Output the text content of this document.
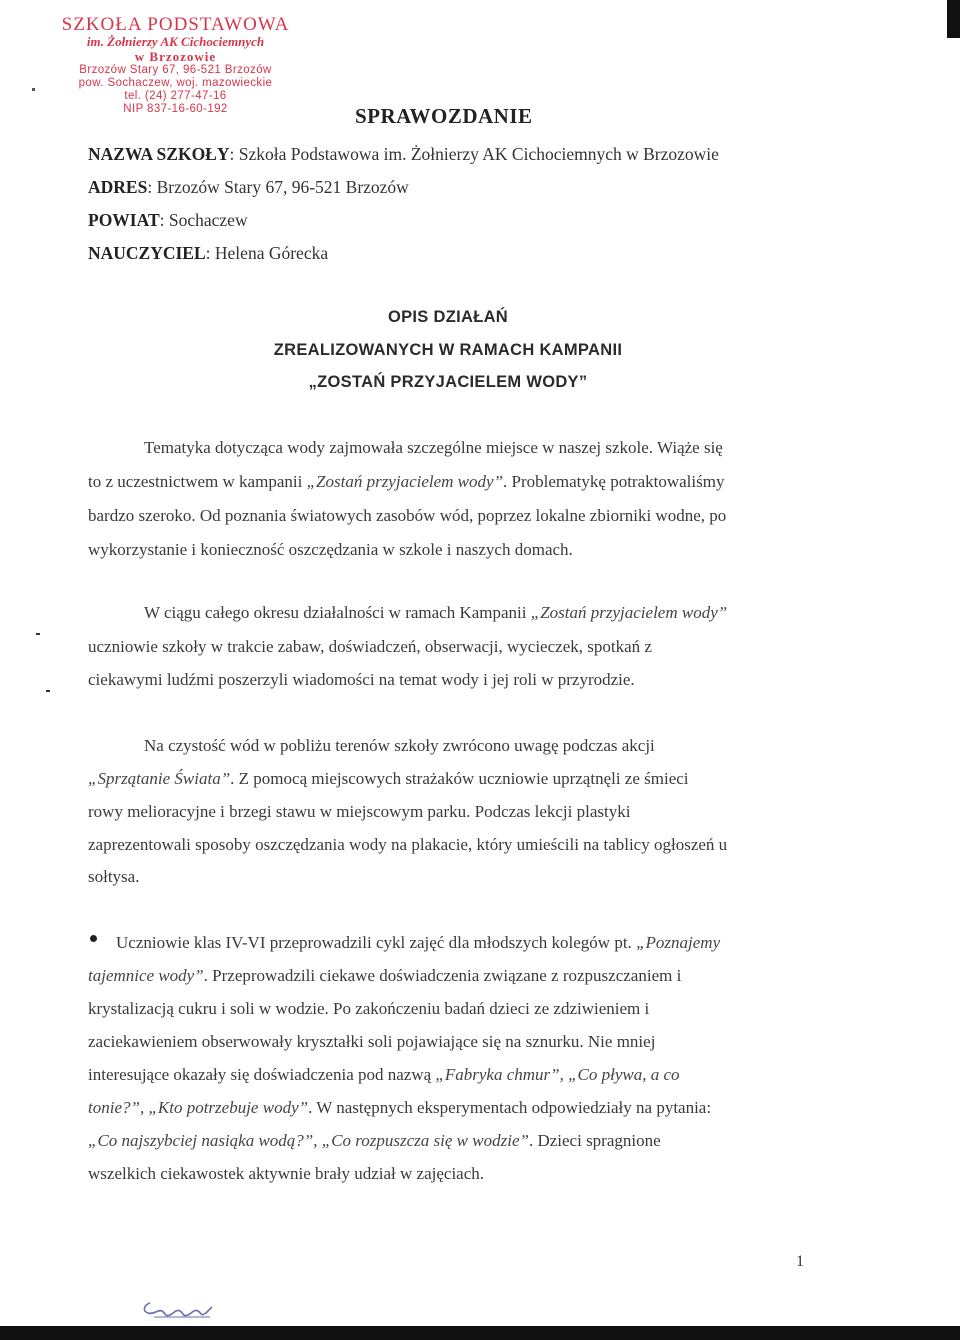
SZKOŁA PODSTAWOWA
im. Żołnierzy AK Cichociemnych
w Brzozowie
Brzozów Stary 67, 96-521 Brzozów
pow. Sochaczew, woj. mazowieckie
tel. (24) 277-47-16
NIP 837-16-60-192	SPRAWOZDANIE
NAZWA SZKOŁY: Szkoła Podstawowa im. Żołnierzy AK Cichociemnych w Brzozowie
ADRES: Brzozów Stary 67, 96-521 Brzozów
POWIAT: Sochaczew
NAUCZYCIEL: Helena Górecka
OPIS DZIAŁAŃ
ZREALIZOWANYCH W RAMACH KAMPANII
„ZOSTAŃ PRZYJACIELEM WODY”
Tematyka dotycząca wody zajmowała szczególne miejsce w naszej szkole. Wiąże się
to z uczestnictwem w kampanii „Zostań przyjacielem wody”. Problematykę potraktowaliśmy
bardzo szeroko. Od poznania światowych zasobów wód, poprzez lokalne zbiorniki wodne, po
wykorzystanie i konieczność oszczędzania w szkole i naszych domach.
W ciągu całego okresu działalności w ramach Kampanii „Zostań przyjacielem wody”
uczniowie szkoły w trakcie zabaw, doświadczeń, obserwacji, wycieczek, spotkań z
ciekawymi ludźmi poszerzyli wiadomości na temat wody i jej roli w przyrodzie.
Na czystość wód w pobliżu terenów szkoły zwrócono uwagę podczas akcji
„Sprzątanie Świata”. Z pomocą miejscowych strażaków uczniowie uprzątnęli ze śmieci
rowy melioracyjne i brzegi stawu w miejscowym parku. Podczas lekcji plastyki
zaprezentowali sposoby oszczędzania wody na plakacie, który umieścili na tablicy ogłoszeń u
sołtysa.
Uczniowie klas IV-VI przeprowadzili cykl zajęć dla młodszych kolegów pt. „Poznajemy
tajemnice wody”. Przeprowadzili ciekawe doświadczenia związane z rozpuszczaniem i
krystalizacją cukru i soli w wodzie. Po zakończeniu badań dzieci ze zdziwieniem i
zaciekawieniem obserwowały kryształki soli pojawiające się na sznurku. Nie mniej
interesujące okazały się doświadczenia pod nazwą „Fabryka chmur”, „Co pływa, a co
tonie?”, „Kto potrzebuje wody”. W następnych eksperymentach odpowiedziały na pytania:
„Co najszybciej nasiąka wodą?”, „Co rozpuszcza się w wodzie”. Dzieci spragnione
wszelkich ciekawostek aktywnie brały udział w zajęciach.
1
